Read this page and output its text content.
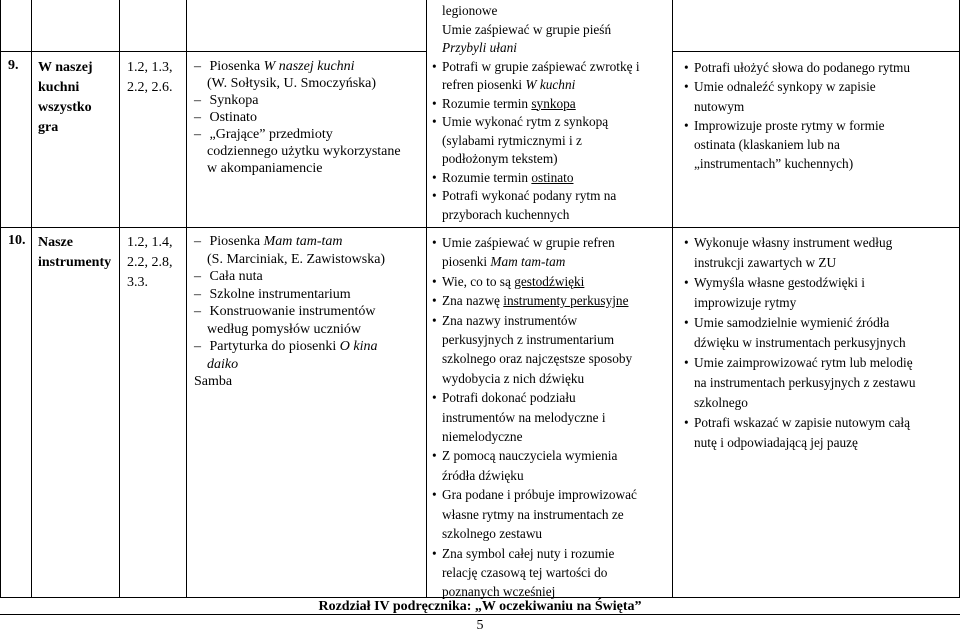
9. W naszej
kuchni
wszystko
gra
1.2, 1.3,
2.2, 2.6.
– Piosenka W naszej kuchni
(W. Sołtysik, U. Smoczyńska)
– Synkopa
– Ostinato
– „Grające” przedmioty
codziennego użytku wykorzystane
w akompaniamencie
legionowe
Umie zaśpiewać w grupie pieśń
Przybyli ułani
• Potrafi w grupie zaśpiewać zwrotkę i
refren piosenki W kuchni
• Rozumie termin synkopa
• Umie wykonać rytm z synkopą
(sylabami rytmicznymi i z
podłożonym tekstem)
• Rozumie termin ostinato
• Potrafi wykonać podany rytm na
przyborach kuchennych
• Potrafi ułożyć słowa do podanego rytmu
• Umie odnaleźć synkopy w zapisie
nutowym
• Improwizuje proste rytmy w formie
ostinata (klaskaniem lub na
„instrumentach” kuchennych)
10. Nasze
instrumenty
1.2, 1.4,
2.2, 2.8,
3.3.
– Piosenka Mam tam-tam
(S. Marciniak, E. Zawistowska)
– Cała nuta
– Szkolne instrumentarium
– Konstruowanie instrumentów
według pomysłów uczniów
– Partyturka do piosenki O kina
daiko
Samba
• Umie zaśpiewać w grupie refren
piosenki Mam tam-tam
• Wie, co to są gestodźwięki
• Zna nazwę instrumenty perkusyjne
• Zna nazwy instrumentów
perkusyjnych z instrumentarium
szkolnego oraz najczęstsze sposoby
wydobycia z nich dźwięku
• Potrafi dokonać podziału
instrumentów na melodyczne i
niemelodyczne
• Z pomocą nauczyciela wymienia
źródła dźwięku
• Gra podane i próbuje improwizować
własne rytmy na instrumentach ze
szkolnego zestawu
• Zna symbol całej nuty i rozumie
relację czasową tej wartości do
poznanych wcześniej
• Wykonuje własny instrument według
instrukcji zawartych w ZU
• Wymyśla własne gestodźwięki i
improwizuje rytmy
• Umie samodzielnie wymienić źródła
dźwięku w instrumentach perkusyjnych
• Umie zaimprowizować rytm lub melodię
na instrumentach perkusyjnych z zestawu
szkolnego
• Potrafi wskazać w zapisie nutowym całą
nutę i odpowiadającą jej pauzę
Rozdział IV podręcznika: „W oczekiwaniu na Święta”
5
